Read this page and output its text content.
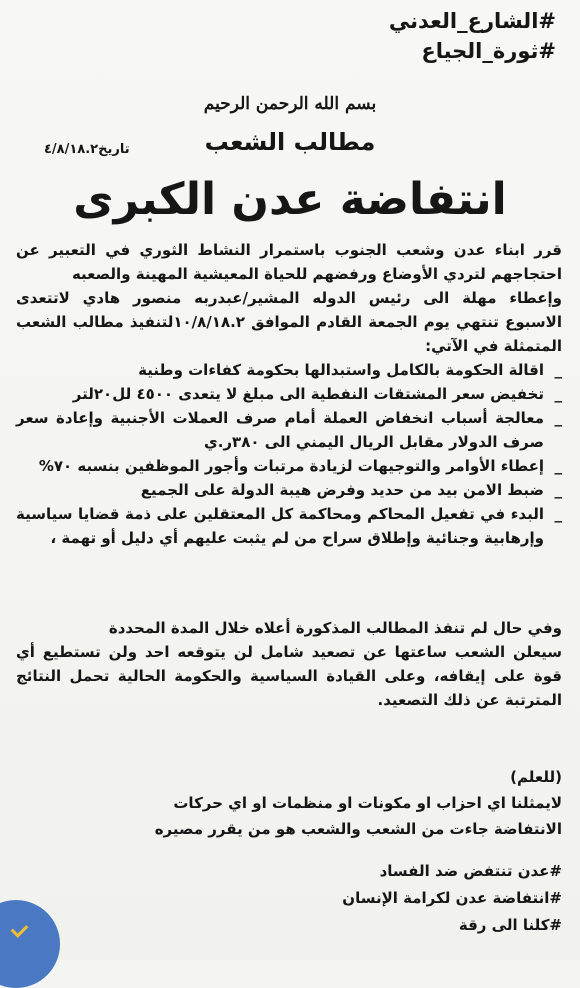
#الشارع_العدني
#ثورة_الجياع
بسم الله الرحمن الرحيم
مطالب الشعب
تاريخ٤/٨/١٨.٢
انتفاضة عدن الكبرى

قرر ابناء عدن وشعب الجنوب باستمرار النشاط الثوري في التعبير عن احتجاجهم لتردي الأوضاع ورفضهم للحياة المعيشية المهينة والصعبه

وإعطاء مهلة الى رئيس الدوله المشير/عبدربه منصور هادي لاتتعدى الاسبوع تنتهي يوم الجمعة القادم الموافق ١٠/٨/١٨.٢لتنفيذ مطالب الشعب المتمثلة في الآتي:

_
اقالة الحكومة بالكامل واستبدالها بحكومة كفاءات وطنية
_
تخفيض سعر المشتقات النفطية الى مبلغ لا يتعدى ٤٥٠٠ لل٢٠لتر
_
معالجة أسباب انخفاض العملة أمام صرف العملات الأجنبية وإعادة سعر صرف الدولار مقابل الريال اليمني الى ٣٨٠ر.ي
_
إعطاء الأوامر والتوجيهات لزيادة مرتبات وأجور الموظفين بنسبه ٧٠%
_
ضبط الامن بيد من حديد وفرض هيبة الدولة على الجميع
_
البدء في تفعيل المحاكم ومحاكمة كل المعتقلين على ذمة قضايا سياسية وإرهابية وجنائية وإطلاق سراح من لم يثبت عليهم أي دليل أو تهمة ،

وفي حال لم تنفذ المطالب المذكورة أعلاه خلال المدة المحددة

سيعلن الشعب ساعتها عن تصعيد شامل لن يتوقعه احد ولن تستطيع أي قوة على إيقافه، وعلى القيادة السياسية والحكومة الحالية تحمل النتائج المترتبة عن ذلك التصعيد.

(للعلم)

لايمثلنا اي احزاب او مكونات او منظمات او اي حركات

الانتفاضة جاءت من الشعب والشعب هو من يقرر مصيره

#عدن تنتفض ضد الفساد
#انتفاضة عدن لكرامة الإنسان
#كلنا الى رقة
